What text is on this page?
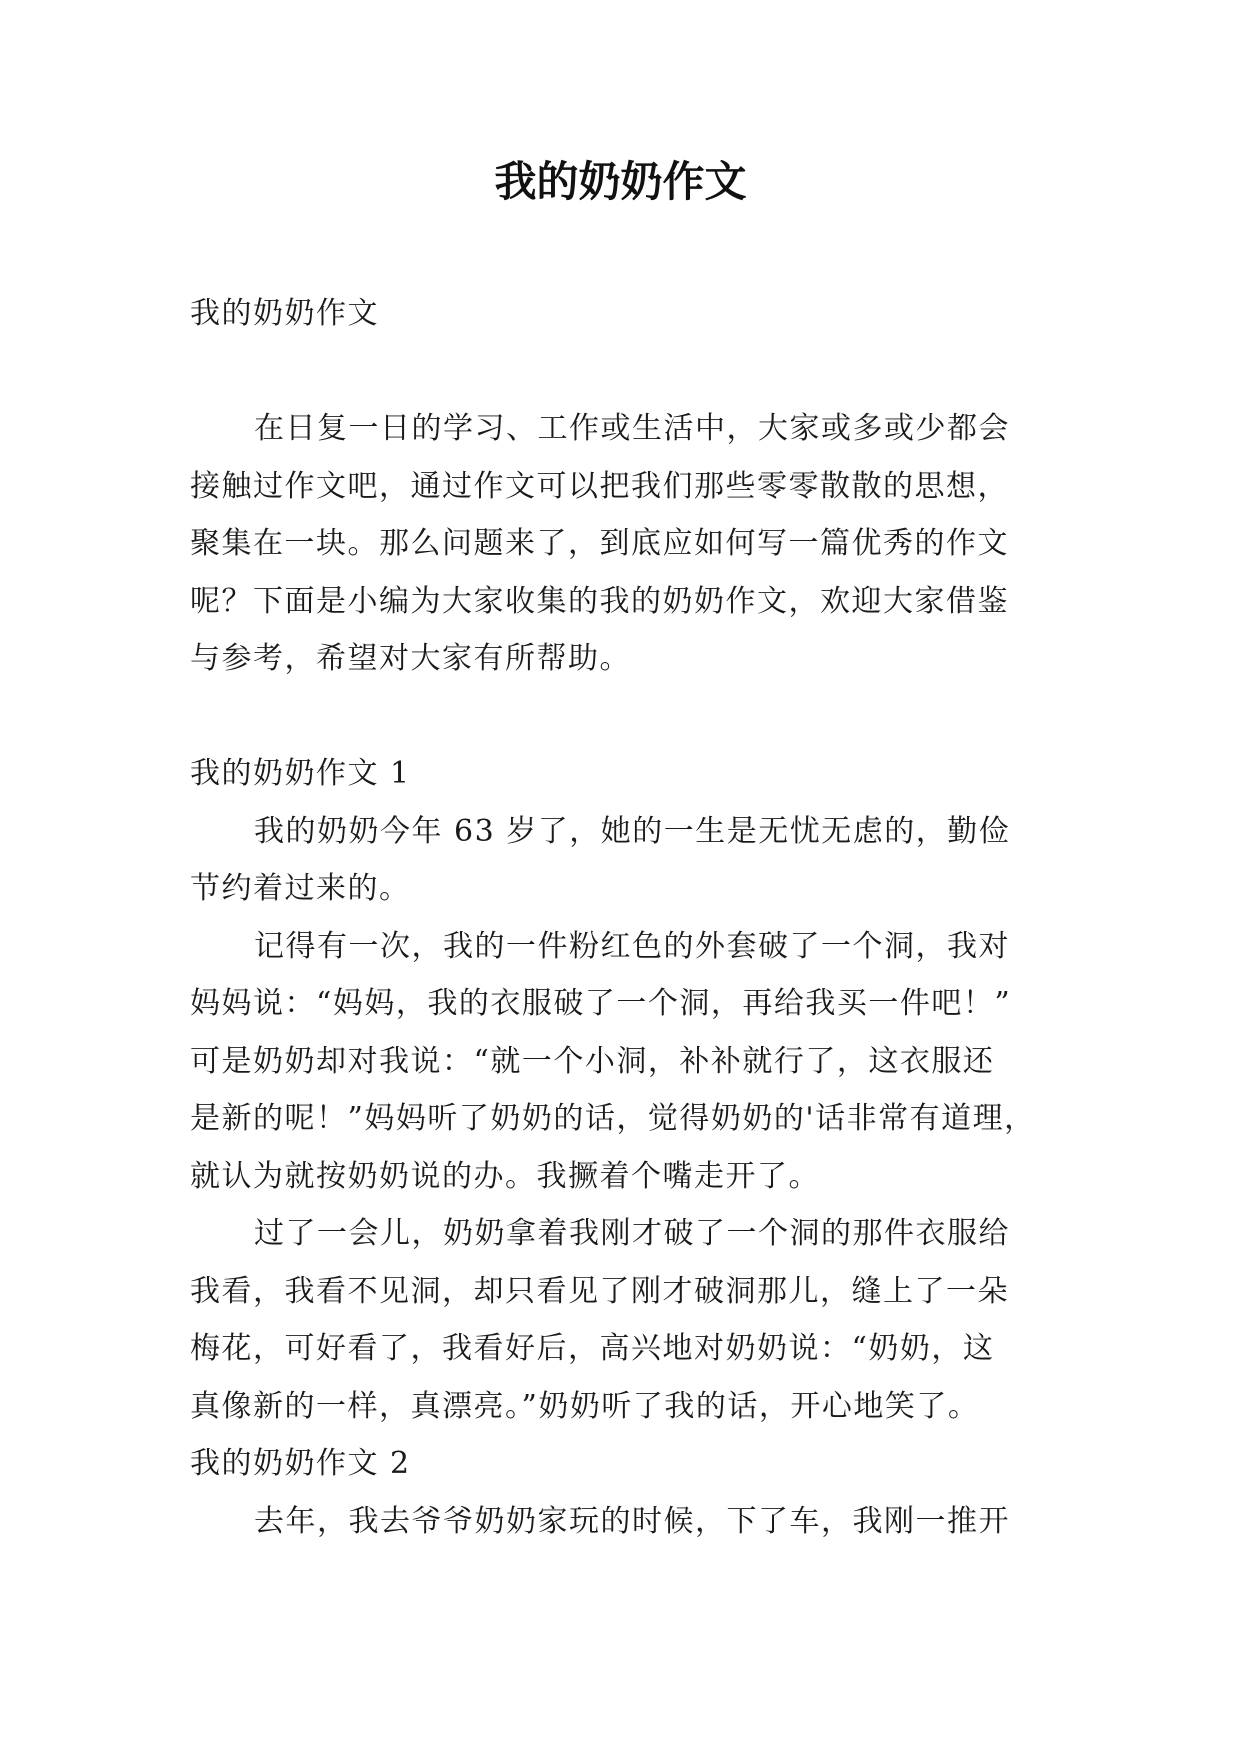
我的奶奶作文
我的奶奶作文
在日复一日的学习、工作或生活中，大家或多或少都会
接触过作文吧，通过作文可以把我们那些零零散散的思想，
聚集在一块。那么问题来了，到底应如何写一篇优秀的作文
呢？下面是小编为大家收集的我的奶奶作文，欢迎大家借鉴
与参考，希望对大家有所帮助。
我的奶奶作文 1
我的奶奶今年 63 岁了，她的一生是无忧无虑的，勤俭
节约着过来的。
记得有一次，我的一件粉红色的外套破了一个洞，我对
妈妈说：“妈妈，我的衣服破了一个洞，再给我买一件吧！”
可是奶奶却对我说：“就一个小洞，补补就行了，这衣服还
是新的呢！”妈妈听了奶奶的话，觉得奶奶的'话非常有道理，
就认为就按奶奶说的办。我撅着个嘴走开了。
过了一会儿，奶奶拿着我刚才破了一个洞的那件衣服给
我看，我看不见洞，却只看见了刚才破洞那儿，缝上了一朵
梅花，可好看了，我看好后，高兴地对奶奶说：“奶奶，这
真像新的一样，真漂亮。”奶奶听了我的话，开心地笑了。
我的奶奶作文 2
去年，我去爷爷奶奶家玩的时候，下了车，我刚一推开
